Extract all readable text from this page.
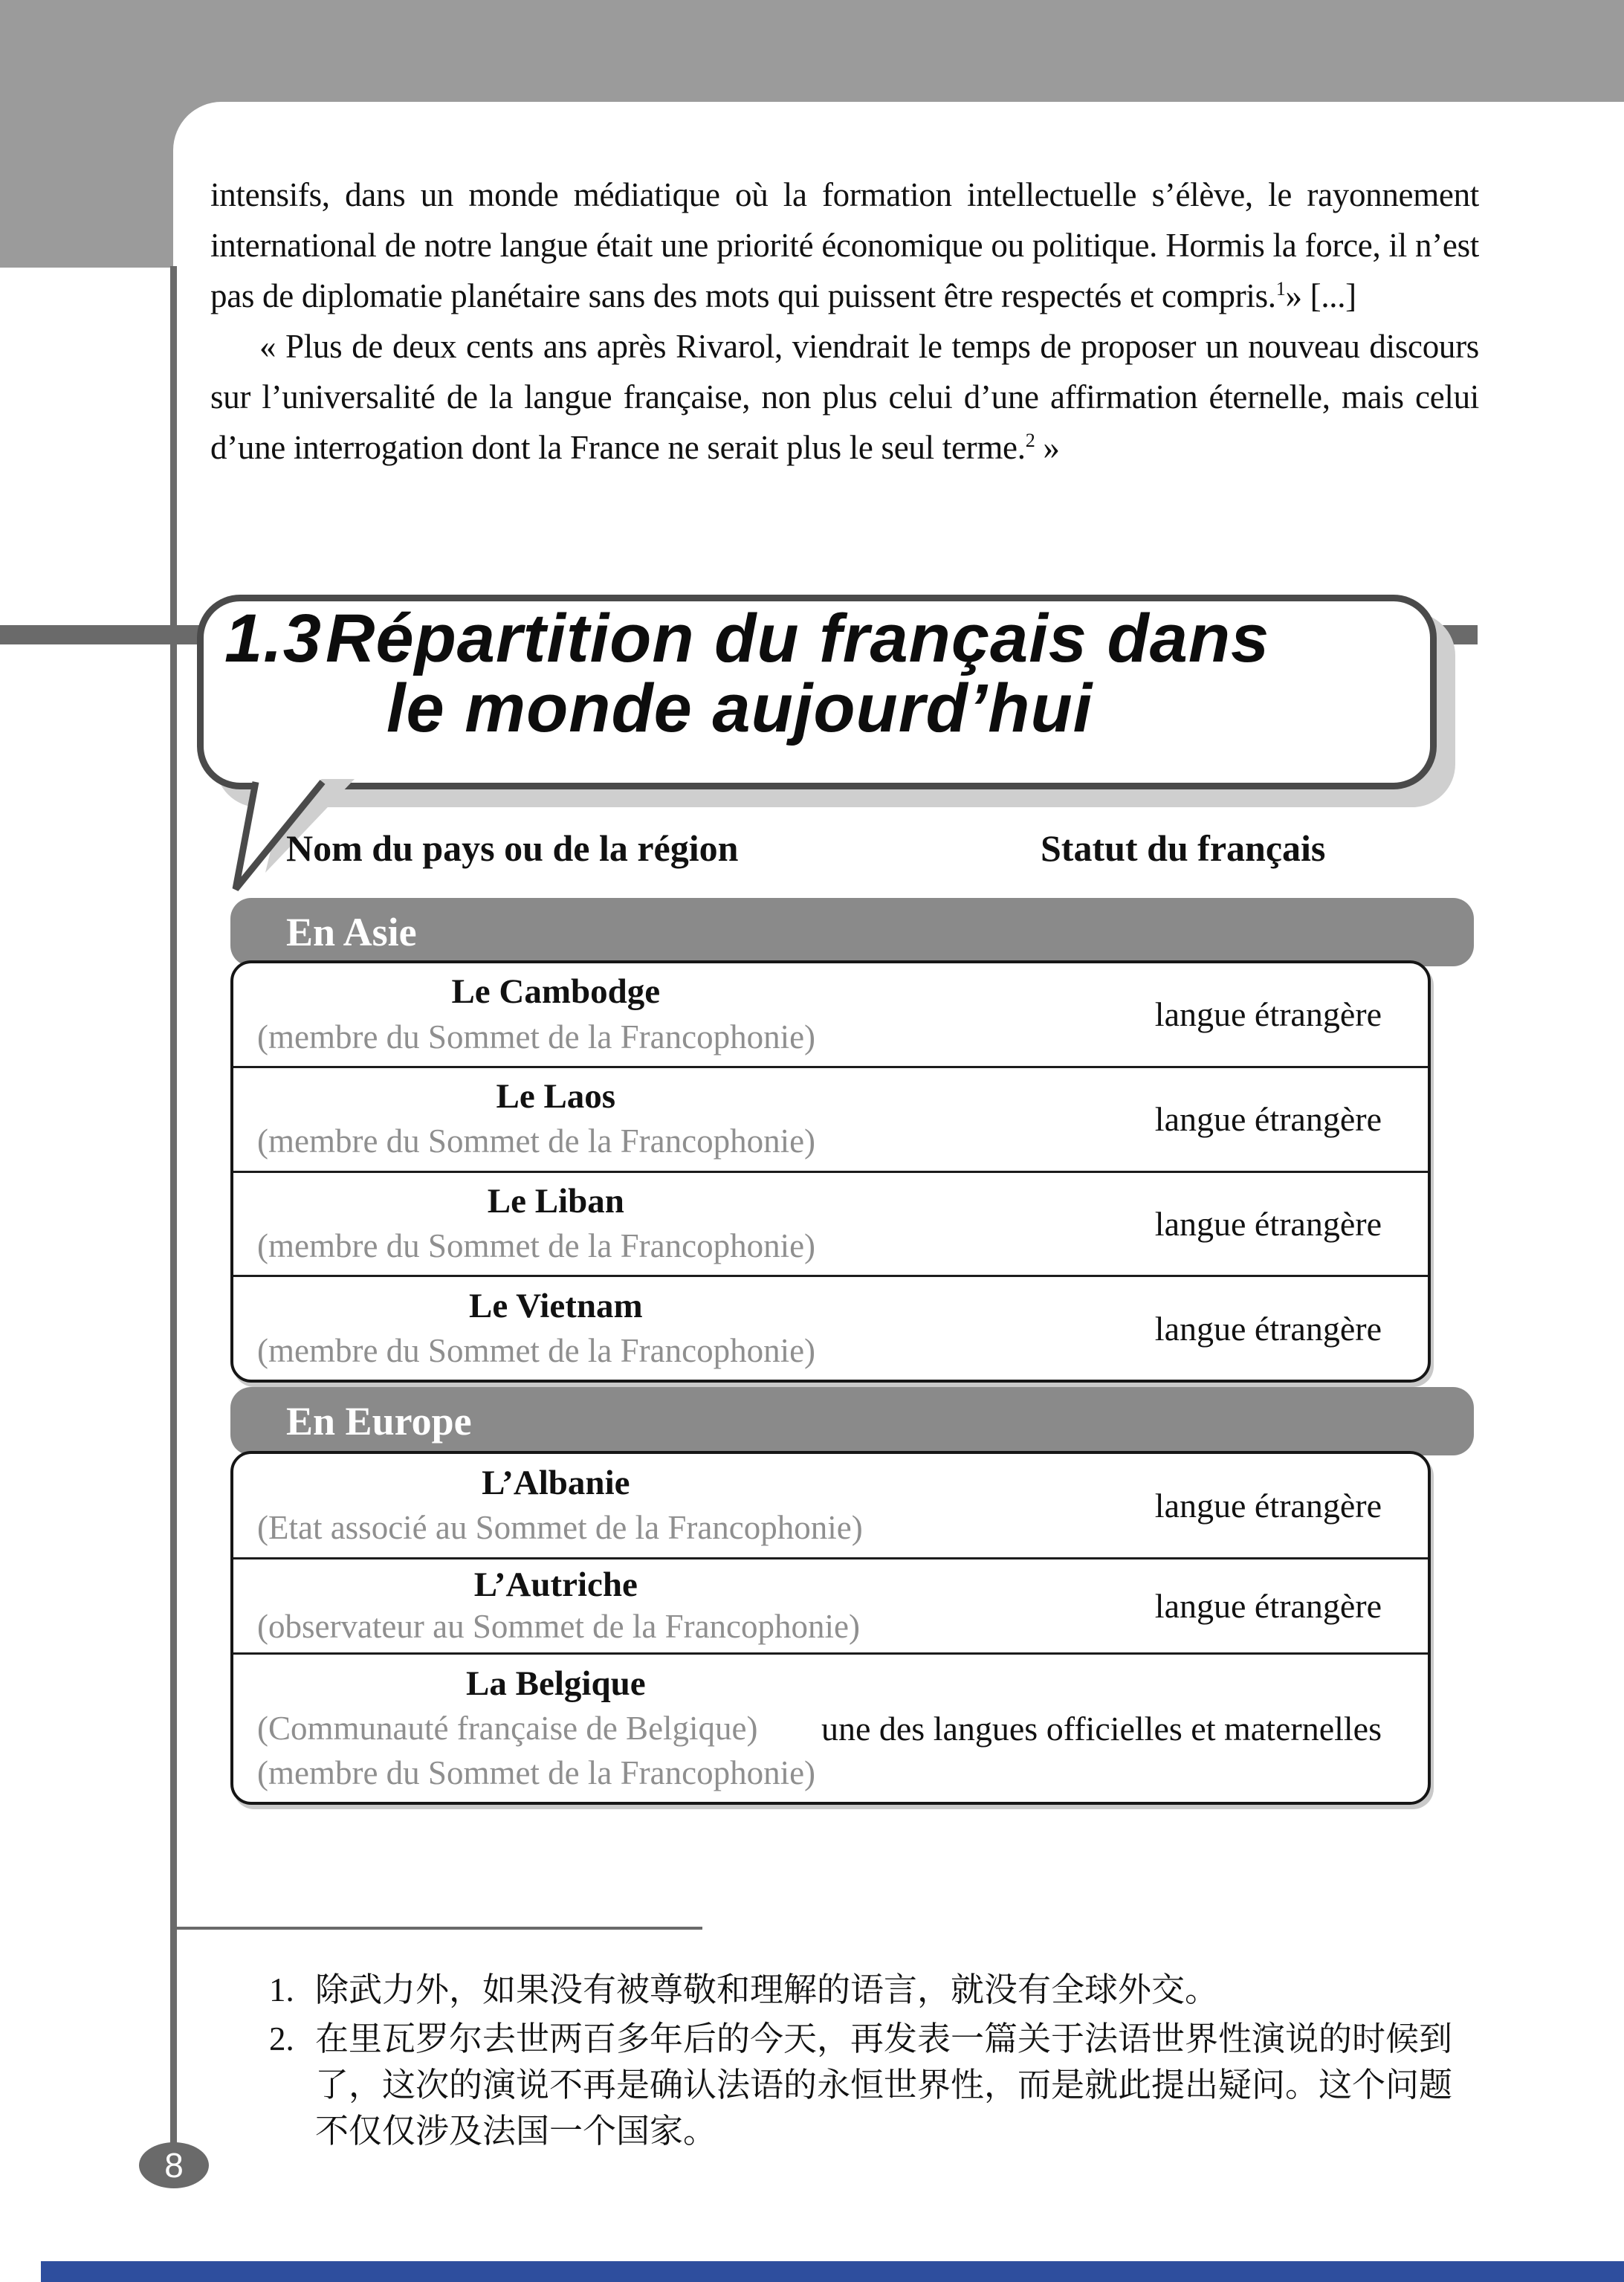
intensifs, dans un monde médiatique où la formation intellectuelle s’élève, le rayonnement international de notre langue était une priorité économique ou politique. Hormis la force, il n’est pas de diplomatie planétaire sans des mots qui puissent être respectés et compris.$^1$» [...]

« Plus de deux cents ans après Rivarol, viendrait le temps de proposer un nouveau discours sur l’universalité de la langue française, non plus celui d’une affirmation éternelle, mais celui d’une interrogation dont la France ne serait plus le seul terme.$^2$ »

1.3 Répartition du français dans
le monde aujourd’hui
Nom du pays ou de la région	Statut du français
En Asie
Le Cambodge
(membre du Sommet de la Francophonie)
langue étrangère
Le Laos
(membre du Sommet de la Francophonie)
langue étrangère
Le Liban
(membre du Sommet de la Francophonie)
langue étrangère
Le Vietnam
(membre du Sommet de la Francophonie)
langue étrangère
En Europe
L’Albanie
(Etat associé au Sommet de la Francophonie)
langue étrangère
L’Autriche
(observateur au Sommet de la Francophonie)
langue étrangère
La Belgique
(Communauté française de Belgique)
(membre du Sommet de la Francophonie)
une des langues officielles et maternelles
1. 除武力外，如果没有被尊敬和理解的语言，就没有全球外交。
2. 在里瓦罗尔去世两百多年后的今天，再发表一篇关于法语世界性演说的时候到了，这次的演说不再是确认法语的永恒世界性，而是就此提出疑问。这个问题不仅仅涉及法国一个国家。
8
